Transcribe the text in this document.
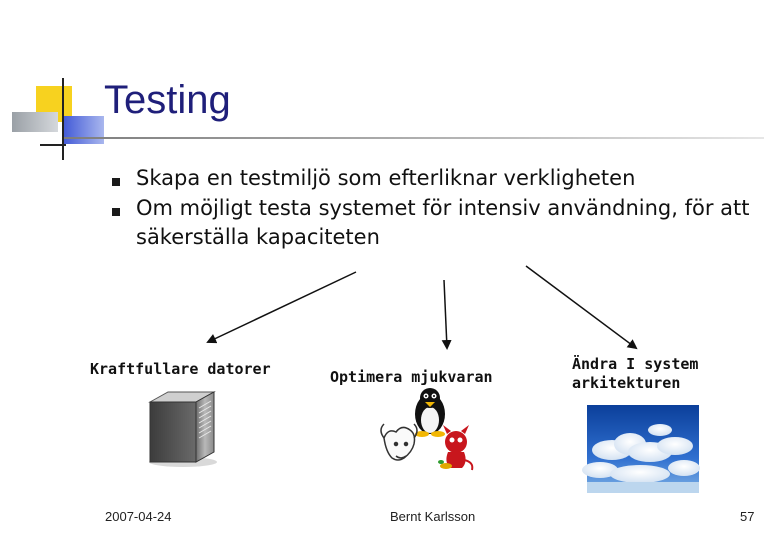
Testing
Skapa en testmiljö som efterliknar verkligheten
Om möjligt testa systemet för intensiv användning, för att säkerställa kapaciteten
Kraftfullare datorer	Optimera mjukvaran
Ändra I system
arkitekturen
2007-04-24	Bernt Karlsson	57
